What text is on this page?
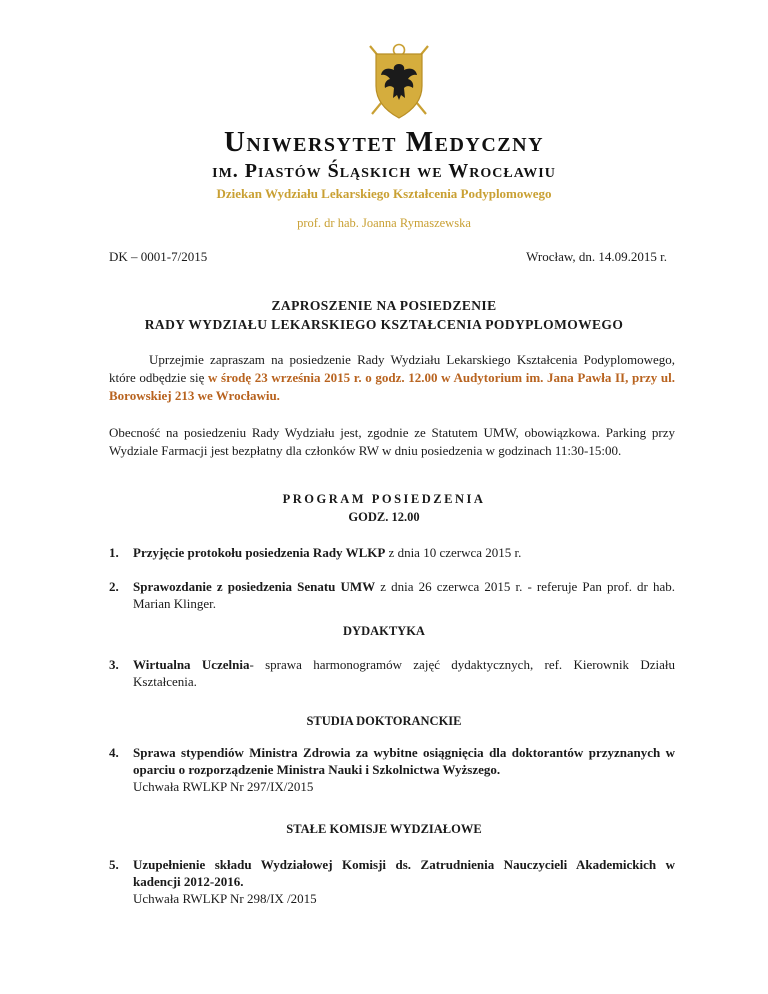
Uniwersytet Medyczny
im. Piastów Śląskich we Wrocławiu
Dziekan Wydziału Lekarskiego Kształcenia Podyplomowego
prof. dr hab. Joanna Rymaszewska
DK – 0001-7/2015	Wrocław, dn. 14.09.2015 r.
ZAPROSZENIE NA POSIEDZENIE
RADY WYDZIAŁU LEKARSKIEGO KSZTAŁCENIA PODYPLOMOWEGO
Uprzejmie zapraszam na posiedzenie Rady Wydziału Lekarskiego Kształcenia Podyplomowego, które odbędzie się w środę 23 września 2015 r. o godz. 12.00 w Audytorium im. Jana Pawła II, przy ul. Borowskiej 213 we Wrocławiu.
Obecność na posiedzeniu Rady Wydziału jest, zgodnie ze Statutem UMW, obowiązkowa. Parking przy Wydziale Farmacji jest bezpłatny dla członków RW w dniu posiedzenia w godzinach 11:30-15:00.
PROGRAM POSIEDZENIA
GODZ. 12.00
1. Przyjęcie protokołu posiedzenia Rady WLKP z dnia 10 czerwca 2015 r.
2. Sprawozdanie z posiedzenia Senatu UMW z dnia 26 czerwca 2015 r. - referuje Pan prof. dr hab. Marian Klinger.
DYDAKTYKA
3. Wirtualna Uczelnia- sprawa harmonogramów zajęć dydaktycznych, ref. Kierownik Działu Kształcenia.
STUDIA DOKTORANCKIE
4. Sprawa stypendiów Ministra Zdrowia za wybitne osiągnięcia dla doktorantów przyznanych w oparciu o rozporządzenie Ministra Nauki i Szkolnictwa Wyższego.
Uchwała RWLKP Nr 297/IX/2015
STAŁE KOMISJE WYDZIAŁOWE
5. Uzupełnienie składu Wydziałowej Komisji ds. Zatrudnienia Nauczycieli Akademickich w kadencji 2012-2016.
Uchwała RWLKP Nr 298/IX /2015
